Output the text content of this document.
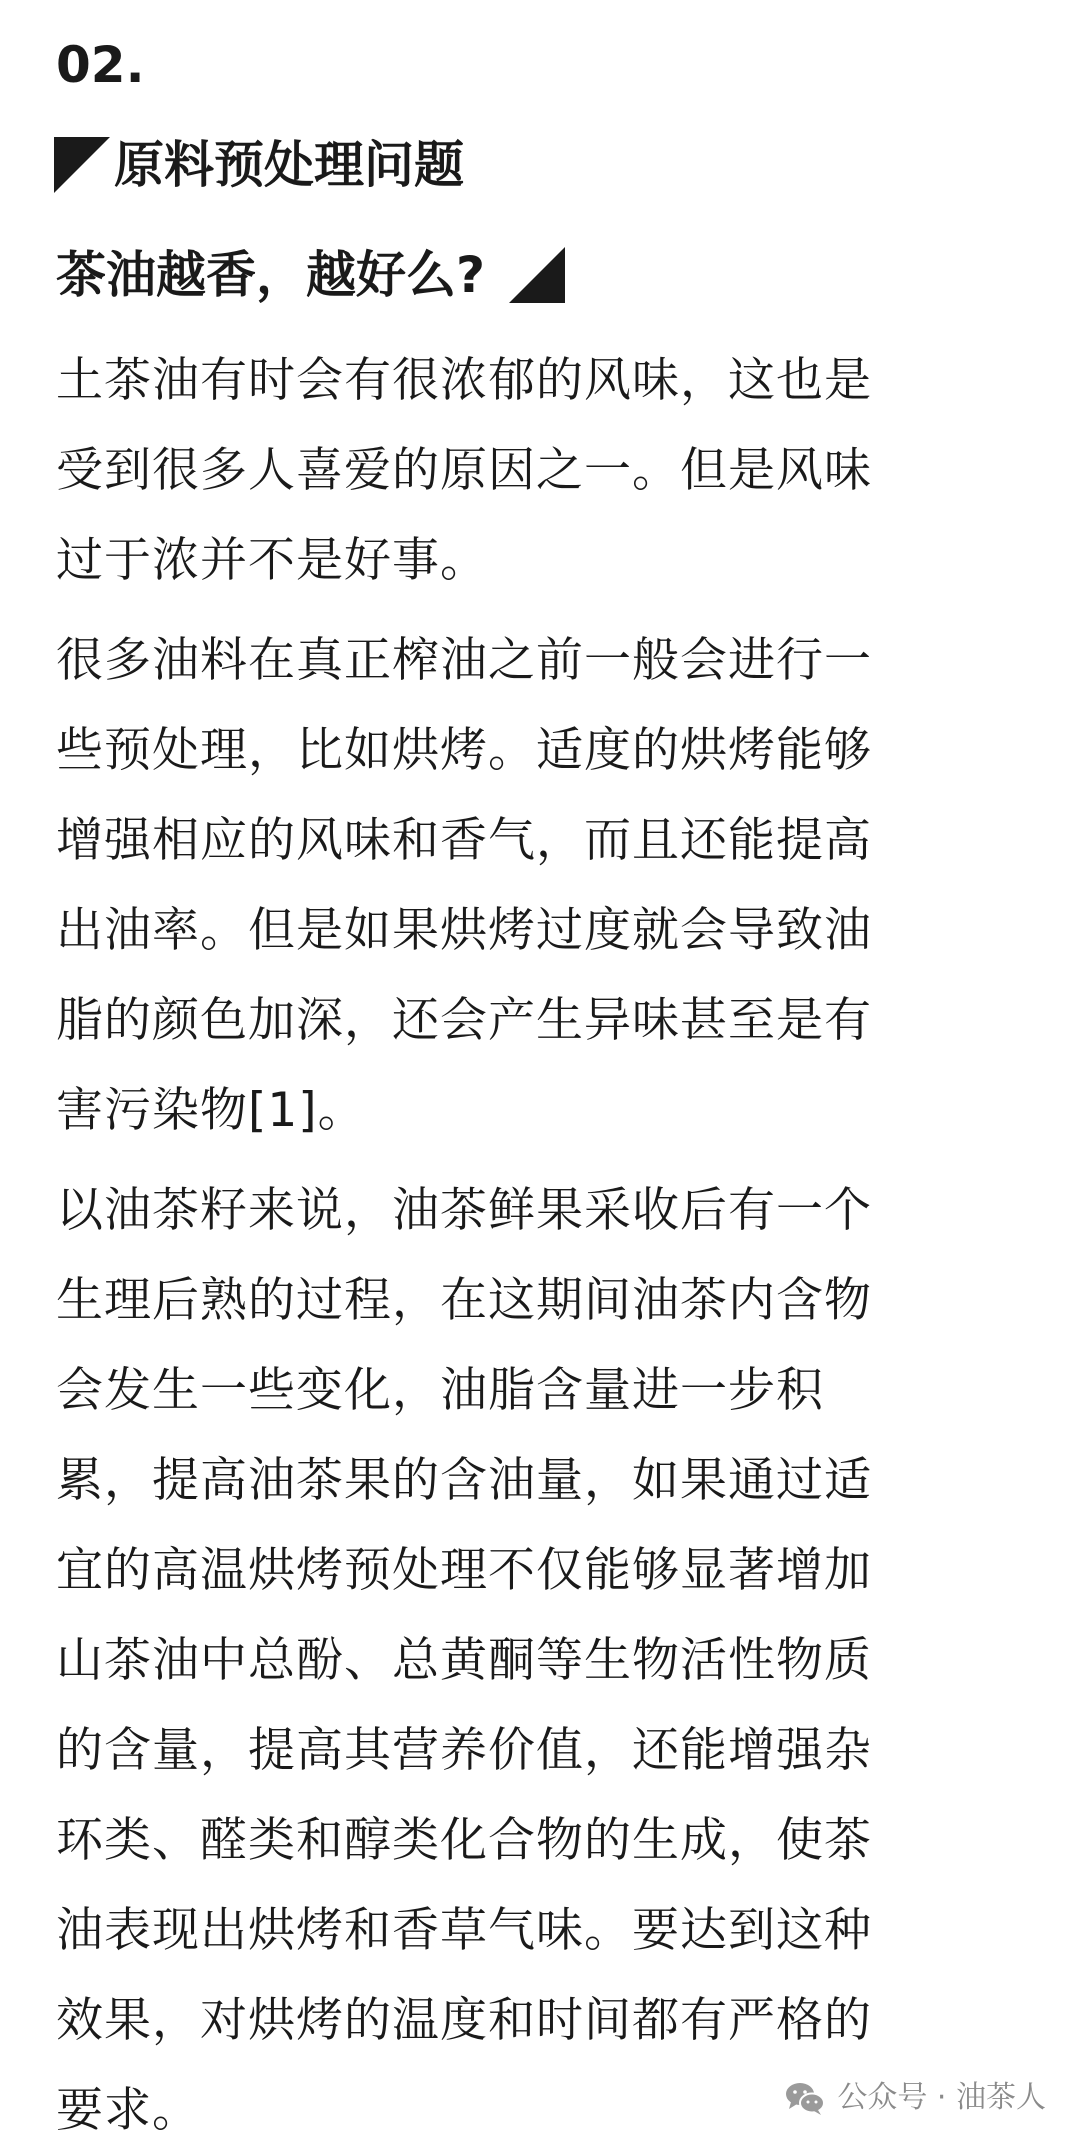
02.
原料预处理问题
茶油越香，越好么?
土茶油有时会有很浓郁的风味，这也是
受到很多人喜爱的原因之一。但是风味
过于浓并不是好事。
很多油料在真正榨油之前一般会进行一
些预处理，比如烘烤。适度的烘烤能够
增强相应的风味和香气，而且还能提高
出油率。但是如果烘烤过度就会导致油
脂的颜色加深，还会产生异味甚至是有
害污染物[1]。
以油茶籽来说，油茶鲜果采收后有一个
生理后熟的过程，在这期间油茶内含物
会发生一些变化，油脂含量进一步积
累，提高油茶果的含油量，如果通过适
宜的高温烘烤预处理不仅能够显著增加
山茶油中总酚、总黄酮等生物活性物质
的含量，提高其营养价值，还能增强杂
环类、醛类和醇类化合物的生成，使茶
油表现出烘烤和香草气味。要达到这种
效果，对烘烤的温度和时间都有严格的
要求。	公众号 · 油茶人
